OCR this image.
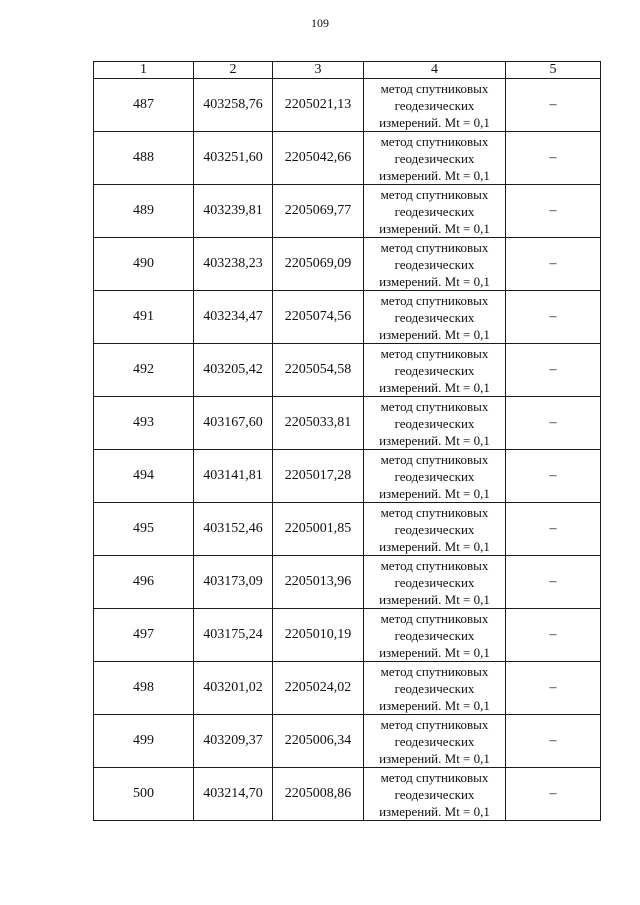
109
1	2	3	4	5
487	403258,76	2205021,13	метод спутниковых
геодезических
измерений. Mt = 0,1	–
488	403251,60	2205042,66	метод спутниковых
геодезических
измерений. Mt = 0,1	–
489	403239,81	2205069,77	метод спутниковых
геодезических
измерений. Mt = 0,1	–
490	403238,23	2205069,09	метод спутниковых
геодезических
измерений. Mt = 0,1	–
491	403234,47	2205074,56	метод спутниковых
геодезических
измерений. Mt = 0,1	–
492	403205,42	2205054,58	метод спутниковых
геодезических
измерений. Mt = 0,1	–
493	403167,60	2205033,81	метод спутниковых
геодезических
измерений. Mt = 0,1	–
494	403141,81	2205017,28	метод спутниковых
геодезических
измерений. Mt = 0,1	–
495	403152,46	2205001,85	метод спутниковых
геодезических
измерений. Mt = 0,1	–
496	403173,09	2205013,96	метод спутниковых
геодезических
измерений. Mt = 0,1	–
497	403175,24	2205010,19	метод спутниковых
геодезических
измерений. Mt = 0,1	–
498	403201,02	2205024,02	метод спутниковых
геодезических
измерений. Mt = 0,1	–
499	403209,37	2205006,34	метод спутниковых
геодезических
измерений. Mt = 0,1	–
500	403214,70	2205008,86	метод спутниковых
геодезических
измерений. Mt = 0,1	–
